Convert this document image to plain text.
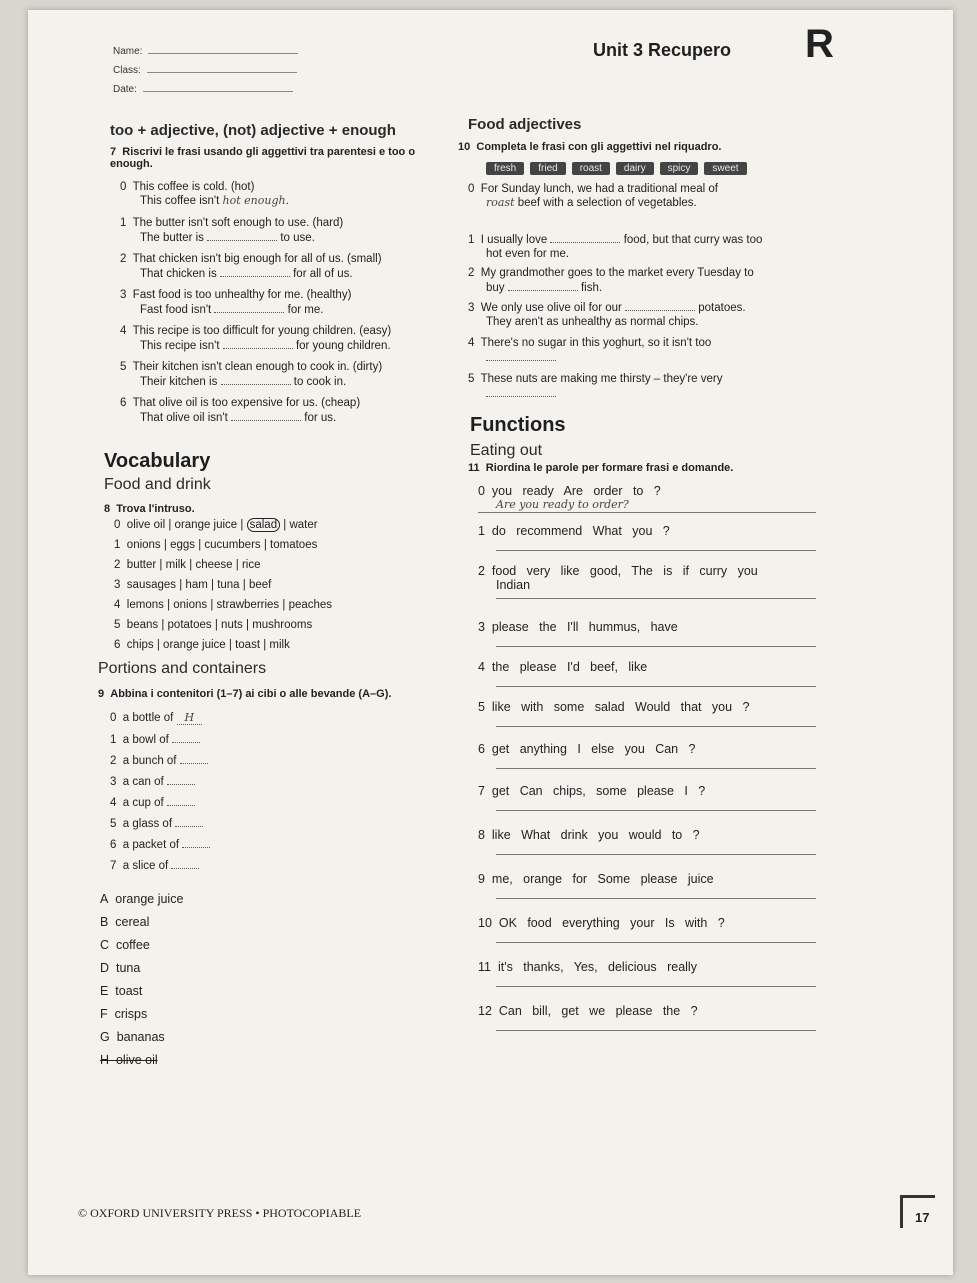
Name:
Class:
Date:
Unit 3 Recupero R
too + adjective, (not) adjective + enough
7 Riscrivi le frasi usando gli aggettivi tra parentesi e too o enough.
0 This coffee is cold. (hot)
This coffee isn't hot enough.
1 The butter isn't soft enough to use. (hard)
The butter is	to use.
2 That chicken isn't big enough for all of us. (small)
That chicken is	for all of us.
3 Fast food is too unhealthy for me. (healthy)
Fast food isn't	for me.
4 This recipe is too difficult for young children. (easy)
This recipe isn't	for young children.
5 Their kitchen isn't clean enough to cook in. (dirty)
Their kitchen is	to cook in.
6 That olive oil is too expensive for us. (cheap)
That olive oil isn't	for us.
Food adjectives
10 Completa le frasi con gli aggettivi nel riquadro.
fresh fried roast dairy spicy sweet
0 For Sunday lunch, we had a traditional meal of
roast beef with a selection of vegetables.
1 I usually love	food, but that curry was too
hot even for me.
2 My grandmother goes to the market every Tuesday to
buy	fish.
3 We only use olive oil for our	potatoes.
They aren't as unhealthy as normal chips.
4 There's no sugar in this yoghurt, so it isn't too
5 These nuts are making me thirsty – they're very
Vocabulary
Food and drink
8 Trova l'intruso.
0 olive oil | orange juice | salad | water
1 onions | eggs | cucumbers | tomatoes
2 butter | milk | cheese | rice
3 sausages | ham | tuna | beef
4 lemons | onions | strawberries | peaches
5 beans | potatoes | nuts | mushrooms
6 chips | orange juice | toast | milk
Portions and containers
9 Abbina i contenitori (1–7) ai cibi o alle bevande (A–G).
0 a bottle of H
1 a bowl of
2 a bunch of
3 a can of
4 a cup of
5 a glass of
6 a packet of
7 a slice of
A orange juice
B cereal
C coffee
D tuna
E toast
F crisps
G bananas
H olive oil
Functions
Eating out
11 Riordina le parole per formare frasi e domande.
0 you   ready   Are   order   to   ?
Are you ready to order?
1 do   recommend   What   you   ?
2 food   very   like   good,   The   is   if   curry   you
Indian
3 please   the   I'll   hummus,   have
4 the   please   I'd   beef,   like
5 like   with   some   salad   Would   that   you   ?
6 get   anything   I   else   you   Can   ?
7 get   Can   chips,   some   please   I   ?
8 like   What   drink   you   would   to   ?
9 me,   orange   for   Some   please   juice
10 OK   food   everything   your   Is   with   ?
11 it's   thanks,   Yes,   delicious   really
12 Can   bill,   get   we   please   the   ?
© OXFORD UNIVERSITY PRESS • PHOTOCOPIABLE	17
